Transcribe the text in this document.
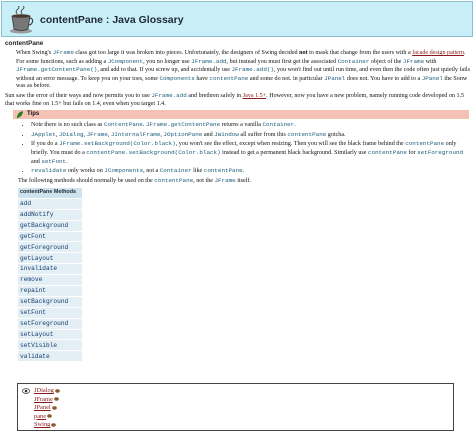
contentPane : Java Glossary
contentPane

When Swing's JFrame class got too large it was broken into pieces. Unfortunately, the designers of Swing decided not to mask that change from the users with a facade design pattern. For some functions, such as adding a JComponent, you no longer use JFrame.add, but instead you must first get the associated Container object of the JFrame with JFrame.getContentPane(), and add to that. If you screw up, and accidentally use JFrame.add(), you won't find out until run time, and even then the code often just quietly fails without an error message. To keep you on your toes, some Components have contentPane and some do not. in particular JPanel does not. You have to add to a JPanel the Sonw was as before.

Sun saw the error of their ways and now permits you to use JFrame.add and brethren safely in Java 1.5+. However, now you have a new problem, namely running code developed on 1.5 that works fine on 1.5+ but fails on 1.4, even when you target 1.4.

Tips
• Note there is no such class as ContentPane. JFrame.getContentPane returns a vanilla Container.
• JApplet, JDialog, JFrame, JInternalFrame, JOptionPane and JWindow all suffer from this contentPane gotcha.
• If you do a JFrame.setBackground(Color.black), you won't see the effect, except when resizing. Then you will see the black frame behind the contentPane only briefly. You must do a contentPane.setBackground(Color.black) instead to get a permanent black background. Similarly use contentPane for setForeground and setFont.
• revalidate only works on JComponents, not a Container like contentPane.

The following methods should normally be used on the contentPane, not the JFrame itself.

contentPane Methods
add
addNotify
getBackground
getFont
getForeground
getLayout
invalidate
remove
repaint
setBackground
setFont
setForeground
setLayout
setVisible
validate
JDialog
JFrame
JPanel
pane
Swing
